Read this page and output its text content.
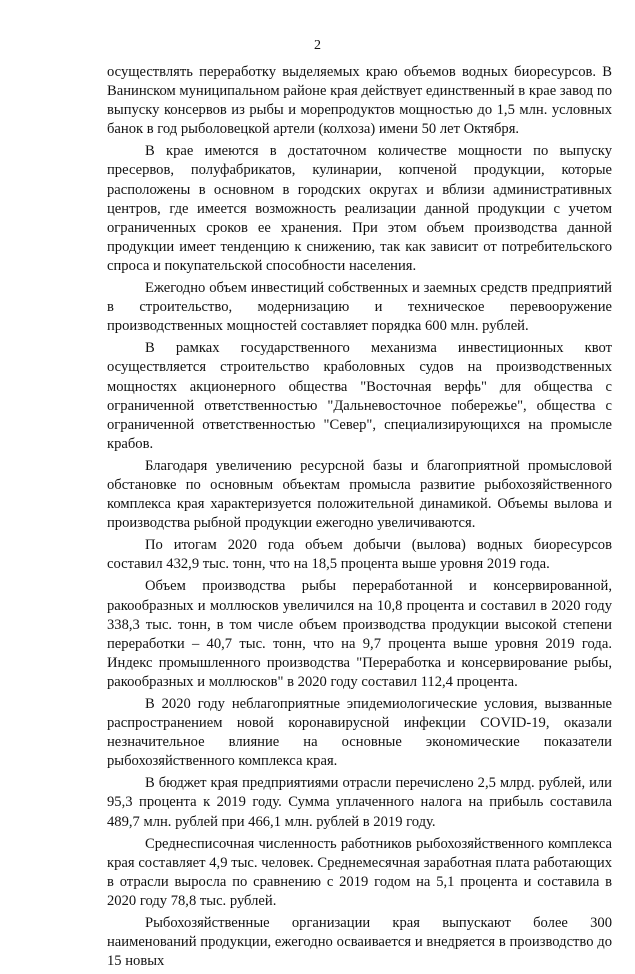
2

осуществлять переработку выделяемых краю объемов водных биоресурсов. В Ванинском муниципальном районе края действует единственный в крае завод по выпуску консервов из рыбы и морепродуктов мощностью до 1,5 млн. условных банок в год рыболовецкой артели (колхоза) имени 50 лет Октября.

В крае имеются в достаточном количестве мощности по выпуску пресервов, полуфабрикатов, кулинарии, копченой продукции, которые расположены в основном в городских округах и вблизи административных центров, где имеется возможность реализации данной продукции с учетом ограниченных сроков ее хранения. При этом объем производства данной продукции имеет тенденцию к снижению, так как зависит от потребительского спроса и покупательской способности населения.

Ежегодно объем инвестиций собственных и заемных средств предприятий в строительство, модернизацию и техническое перевооружение производственных мощностей составляет порядка 600 млн. рублей.

В рамках государственного механизма инвестиционных квот осуществляется строительство краболовных судов на производственных мощностях акционерного общества "Восточная верфь" для общества с ограниченной ответственностью "Дальневосточное побережье", общества с ограниченной ответственностью "Север", специализирующихся на промысле крабов.

Благодаря увеличению ресурсной базы и благоприятной промысловой обстановке по основным объектам промысла развитие рыбохозяйственного комплекса края характеризуется положительной динамикой. Объемы вылова и производства рыбной продукции ежегодно увеличиваются.

По итогам 2020 года объем добычи (вылова) водных биоресурсов составил 432,9 тыс. тонн, что на 18,5 процента выше уровня 2019 года.

Объем производства рыбы переработанной и консервированной, ракообразных и моллюсков увеличился на 10,8 процента и составил в 2020 году 338,3 тыс. тонн, в том числе объем производства продукции высокой степени переработки – 40,7 тыс. тонн, что на 9,7 процента выше уровня 2019 года. Индекс промышленного производства "Переработка и консервирование рыбы, ракообразных и моллюсков" в 2020 году составил 112,4 процента.

В 2020 году неблагоприятные эпидемиологические условия, вызванные распространением новой коронавирусной инфекции COVID-19, оказали незначительное влияние на основные экономические показатели рыбохозяйственного комплекса края.

В бюджет края предприятиями отрасли перечислено 2,5 млрд. рублей, или 95,3 процента к 2019 году. Сумма уплаченного налога на прибыль составила 489,7 млн. рублей при 466,1 млн. рублей в 2019 году.

Среднесписочная численность работников рыбохозяйственного комплекса края составляет 4,9 тыс. человек. Среднемесячная заработная плата работающих в отрасли выросла по сравнению с 2019 годом на 5,1 процента и составила в 2020 году 78,8 тыс. рублей.

Рыбохозяйственные организации края выпускают более 300 наименований продукции, ежегодно осваивается и внедряется в производство до 15 новых
